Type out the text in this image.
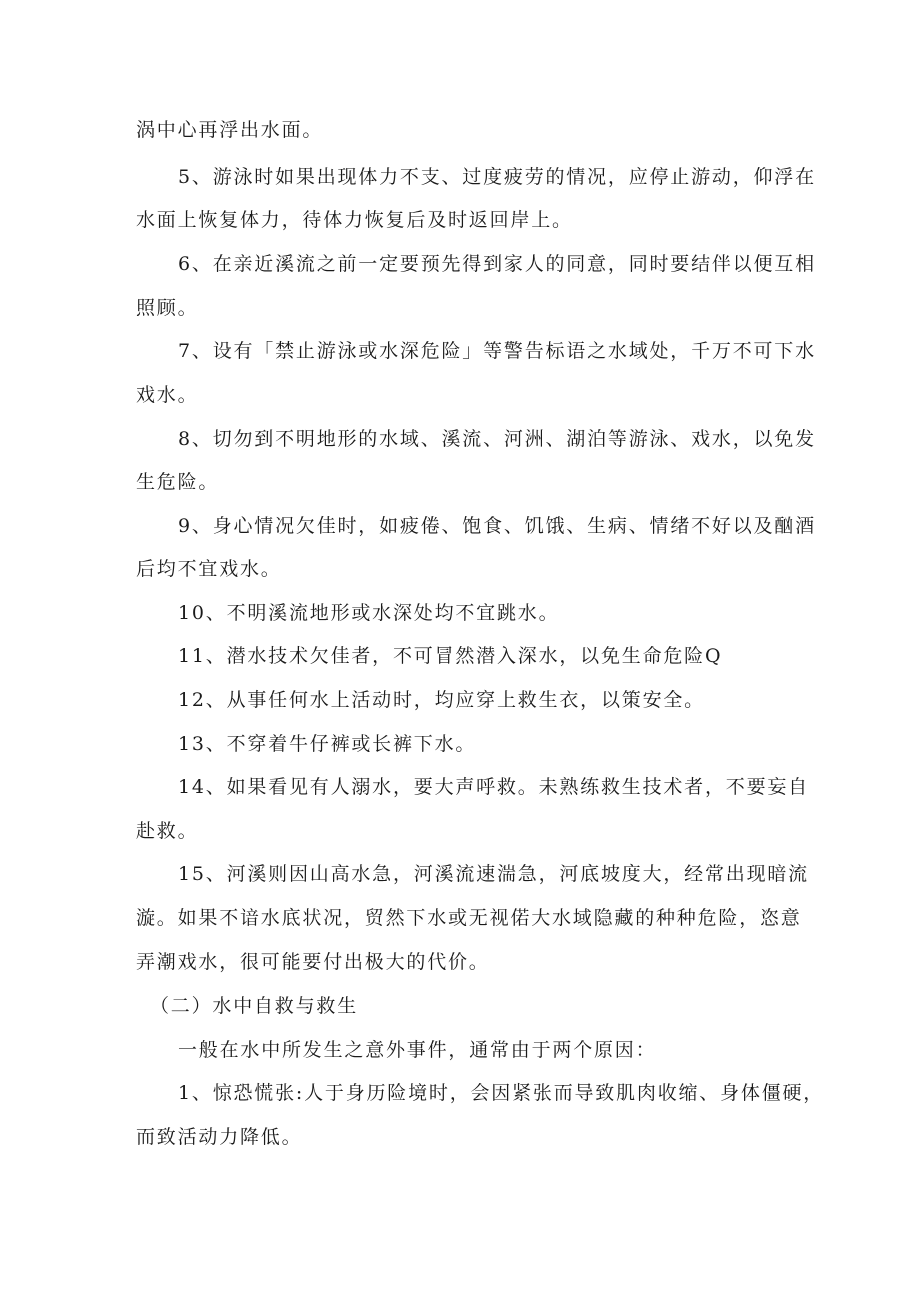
涡中心再浮出水面。

5、游泳时如果出现体力不支、过度疲劳的情况，应停止游动，仰浮在

水面上恢复体力，待体力恢复后及时返回岸上。

6、在亲近溪流之前一定要预先得到家人的同意，同时要结伴以便互相

照顾。

7、设有「禁止游泳或水深危险」等警告标语之水域处，千万不可下水

戏水。

8、切勿到不明地形的水域、溪流、河洲、湖泊等游泳、戏水，以免发

生危险。

9、身心情况欠佳时，如疲倦、饱食、饥饿、生病、情绪不好以及酗酒

后均不宜戏水。

10、不明溪流地形或水深处均不宜跳水。

11、潜水技术欠佳者，不可冒然潜入深水，以免生命危险Q

12、从事任何水上活动时，均应穿上救生衣，以策安全。

13、不穿着牛仔裤或长裤下水。

14、如果看见有人溺水，要大声呼救。未熟练救生技术者，不要妄自

赴救。

15、河溪则因山高水急，河溪流速湍急，河底坡度大，经常出现暗流

漩。如果不谙水底状况，贸然下水或无视偌大水域隐藏的种种危险，恣意

弄潮戏水，很可能要付出极大的代价。

（二）水中自救与救生

一般在水中所发生之意外事件，通常由于两个原因：

1、惊恐慌张:人于身历险境时，会因紧张而导致肌肉收缩、身体僵硬，

而致活动力降低。
